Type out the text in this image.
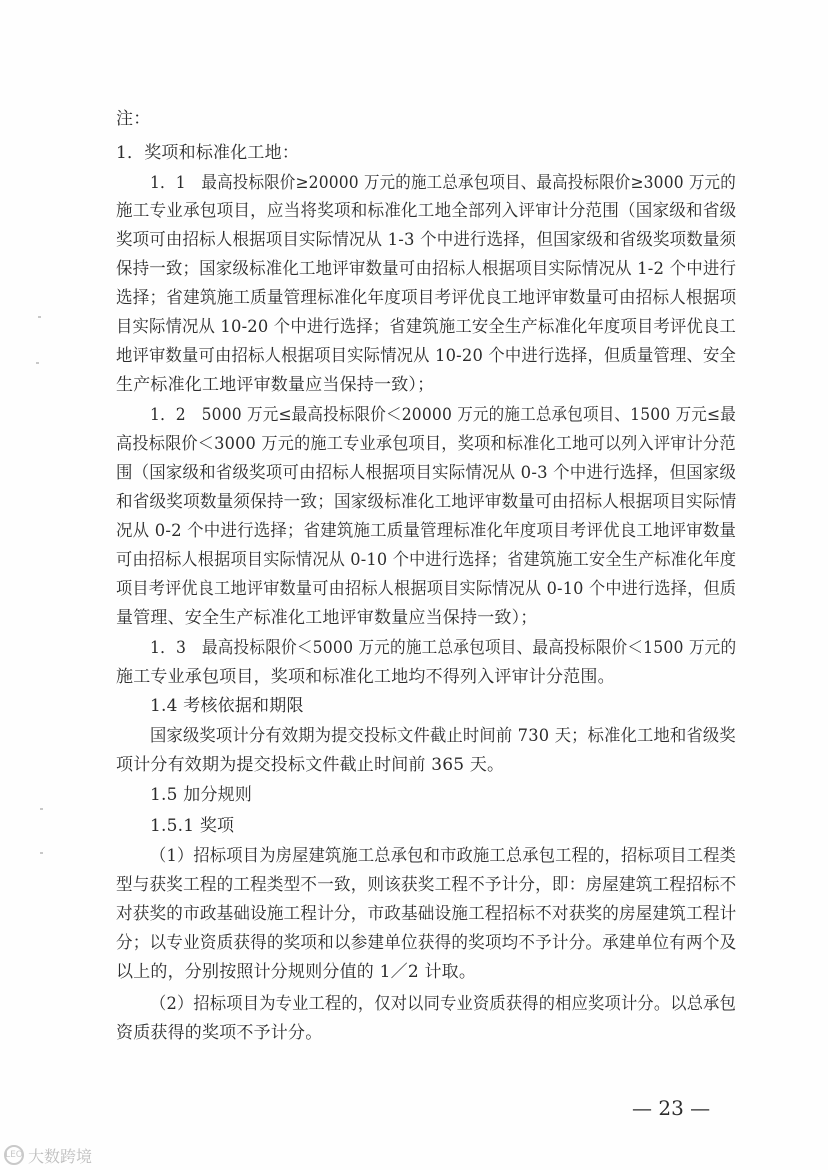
注：
1．奖项和标准化工地：
1．1　最高投标限价≥20000 万元的施工总承包项目、最高投标限价≥3000 万元的
施工专业承包项目，应当将奖项和标准化工地全部列入评审计分范围（国家级和省级
奖项可由招标人根据项目实际情况从 1-3 个中进行选择，但国家级和省级奖项数量须
保持一致；国家级标准化工地评审数量可由招标人根据项目实际情况从 1-2 个中进行
选择；省建筑施工质量管理标准化年度项目考评优良工地评审数量可由招标人根据项
目实际情况从 10-20 个中进行选择；省建筑施工安全生产标准化年度项目考评优良工
地评审数量可由招标人根据项目实际情况从 10-20 个中进行选择，但质量管理、安全
生产标准化工地评审数量应当保持一致）；
1．2　5000 万元≤最高投标限价＜20000 万元的施工总承包项目、1500 万元≤最
高投标限价＜3000 万元的施工专业承包项目，奖项和标准化工地可以列入评审计分范
围（国家级和省级奖项可由招标人根据项目实际情况从 0-3 个中进行选择，但国家级
和省级奖项数量须保持一致；国家级标准化工地评审数量可由招标人根据项目实际情
况从 0-2 个中进行选择；省建筑施工质量管理标准化年度项目考评优良工地评审数量
可由招标人根据项目实际情况从 0-10 个中进行选择；省建筑施工安全生产标准化年度
项目考评优良工地评审数量可由招标人根据项目实际情况从 0-10 个中进行选择，但质
量管理、安全生产标准化工地评审数量应当保持一致）；
1．3　最高投标限价＜5000 万元的施工总承包项目、最高投标限价＜1500 万元的
施工专业承包项目，奖项和标准化工地均不得列入评审计分范围。
1.4 考核依据和期限
国家级奖项计分有效期为提交投标文件截止时间前 730 天；标准化工地和省级奖
项计分有效期为提交投标文件截止时间前 365 天。
1.5 加分规则
1.5.1 奖项
（1）招标项目为房屋建筑施工总承包和市政施工总承包工程的，招标项目工程类
型与获奖工程的工程类型不一致，则该获奖工程不予计分，即：房屋建筑工程招标不
对获奖的市政基础设施工程计分，市政基础设施工程招标不对获奖的房屋建筑工程计
分；以专业资质获得的奖项和以参建单位获得的奖项均不予计分。承建单位有两个及
以上的，分别按照计分规则分值的 1／2 计取。
（2）招标项目为专业工程的，仅对以同专业资质获得的相应奖项计分。以总承包
资质获得的奖项不予计分。
— 23 —
LEO 大数跨境
